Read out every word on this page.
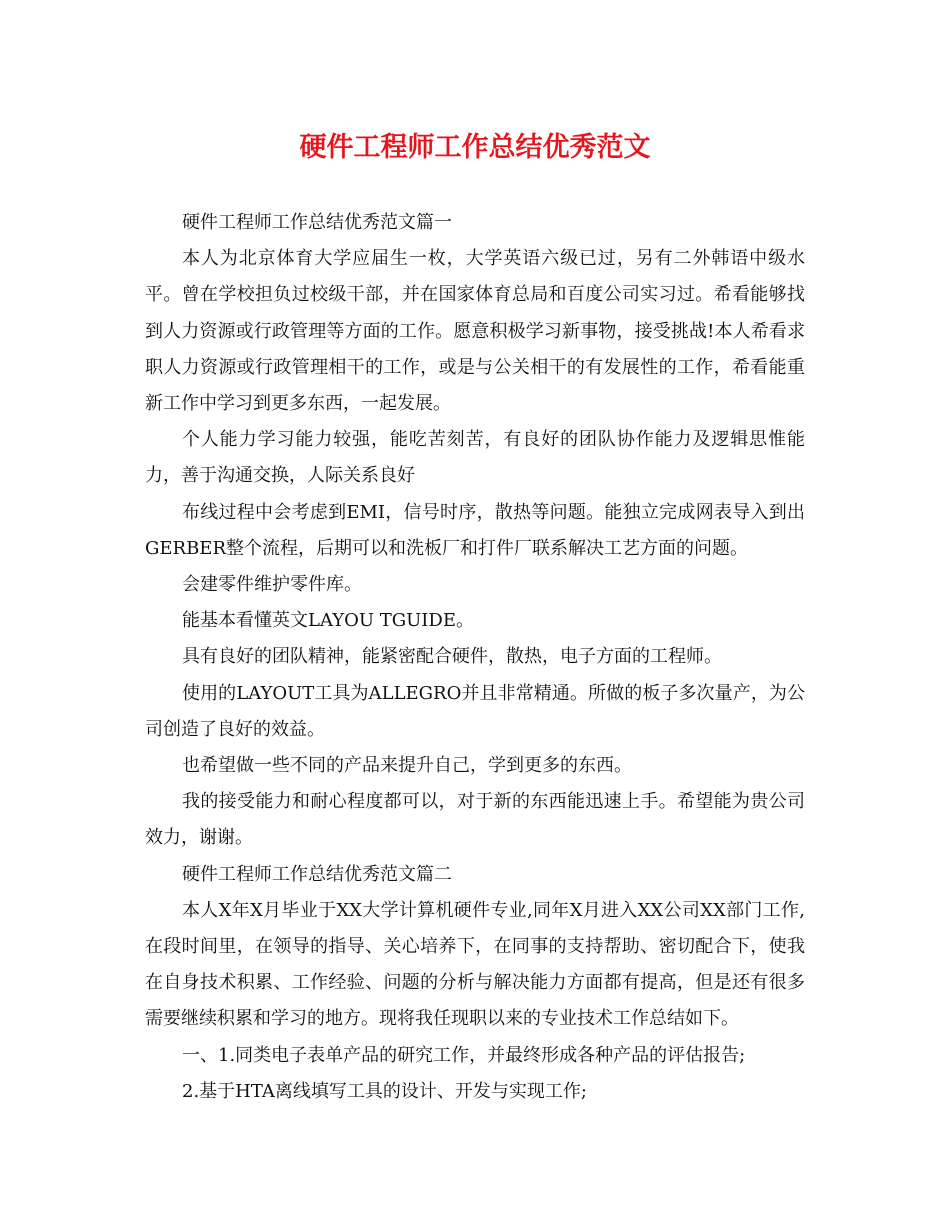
硬件工程师工作总结优秀范文

硬件工程师工作总结优秀范文篇一

本人为北京体育大学应届生一枚，大学英语六级已过，另有二外韩语中级水平。曾在学校担负过校级干部，并在国家体育总局和百度公司实习过。希看能够找到人力资源或行政管理等方面的工作。愿意积极学习新事物，接受挑战!本人希看求职人力资源或行政管理相干的工作，或是与公关相干的有发展性的工作，希看能重新工作中学习到更多东西，一起发展。

个人能力学习能力较强，能吃苦刻苦，有良好的团队协作能力及逻辑思惟能力，善于沟通交换，人际关系良好

布线过程中会考虑到EMI，信号时序，散热等问题。能独立完成网表导入到出GERBER整个流程，后期可以和洗板厂和打件厂联系解决工艺方面的问题。

会建零件维护零件库。

能基本看懂英文LAYOU TGUIDE。

具有良好的团队精神，能紧密配合硬件，散热，电子方面的工程师。

使用的LAYOUT工具为ALLEGRO并且非常精通。所做的板子多次量产，为公司创造了良好的效益。

也希望做一些不同的产品来提升自己，学到更多的东西。

我的接受能力和耐心程度都可以，对于新的东西能迅速上手。希望能为贵公司效力，谢谢。

硬件工程师工作总结优秀范文篇二

本人X年X月毕业于XX大学计算机硬件专业,同年X月进入XX公司XX部门工作,在段时间里，在领导的指导、关心培养下，在同事的支持帮助、密切配合下，使我在自身技术积累、工作经验、问题的分析与解决能力方面都有提高，但是还有很多需要继续积累和学习的地方。现将我任现职以来的专业技术工作总结如下。

一、1.同类电子表单产品的研究工作，并最终形成各种产品的评估报告;

2.基于HTA离线填写工具的设计、开发与实现工作;
